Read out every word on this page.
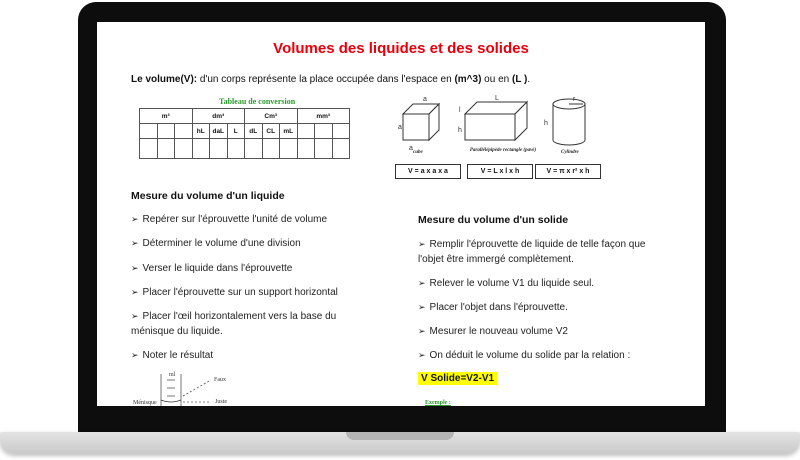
Volumes des liquides et des solides
Le volume(V): d'un corps représente la place occupée dans l'espace en (m^3) ou en (L ).
Tableau de conversion
m³			dm³			Cm³			mm³		
			hL	daL	L	dL	CL	mL			

a
a
a
L
l
h
r
h
cube	Parallélépipède rectangle (pavé)	Cylindre
V = a x a x a	V = L x l x h	V = π x r² x h
Mesure du volume d'un liquide
➢ Repérer sur l'éprouvette l'unité de volume
➢ Déterminer le volume d'une division
➢ Verser le liquide dans l'éprouvette
➢ Placer l'éprouvette sur un support horizontal
➢ Placer l'œil horizontalement vers la base du
ménisque du liquide.
➢ Noter le résultat
ml
Faux
Ménisque	Juste
Mesure du volume d'un solide
➢ Remplir l'éprouvette de liquide de telle façon que
l'objet être immergé complètement.
➢ Relever le volume V1 du liquide seul.
➢ Placer l'objet dans l'éprouvette.
➢ Mesurer le nouveau volume V2
➢ On déduit le volume du solide par la relation :
V Solide=V2-V1
Exemple :
